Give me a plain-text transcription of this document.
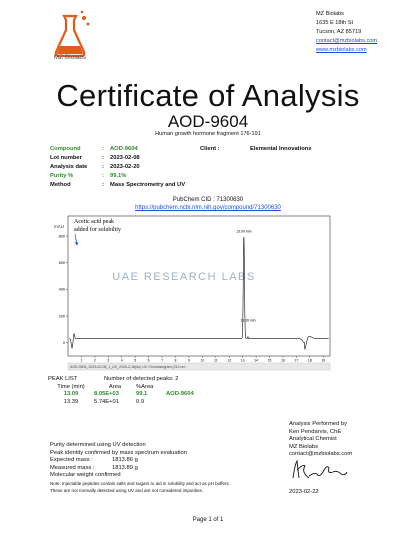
MZ Biolabs
MZ Biolabs
1635 E 18th St
Tucson, AZ 85719
contact@mzbiolabs.com
www.mzbiolabs.com
Certificate of Analysis
AOD-9604
Human growth hormone fragment 176-191
Compound	: AOD-9604
Lot number	: 2023-02-08
Analysis date	: 2023-02-20
Purity %	: 99.1%
Method	: Mass Spectrometry and UV
Client :	Elemental Innovations
PubChem CID : 71300630
https://pubchem.ncbi.nlm.nih.gov/compound/71300630
mAU
800
600
400
200
0
1	2	3	4	5	6	7	8	9	10	11	12	13	14	15	16	17	18	19
UAE RESEARCH LABS
Acetic acid peak
added for solubility	13.09 min
13.39 min
AOD-9604_2023-02-08_1_UV_2026-2-16(Ac) UV Chromatogram (214 nm
PEAK LIST	Number of detected peaks: 2
Time (min)	Area	%Area
13.09	8.05E+03	99.1	AOD-9604
13.39	5.74E+01	0.9
Analysis Performed by
Ken Pendarvis, ChE
Analytical Chemist
MZ Biolabs
contact@mzbiolabs.com
2023-02-22
Purity determined using UV detection
Peak identity confirmed by mass spectrum evaluation
Expected mass :	1813.86 g
Measured mass :	1813.89 g
Molecular weight confirmed
Note: Injectable peptides contain salts and sugars to aid in solubility and act as pH buffers.
These are not normally detected using UV and are not considered impurities.
Page 1 of 1
